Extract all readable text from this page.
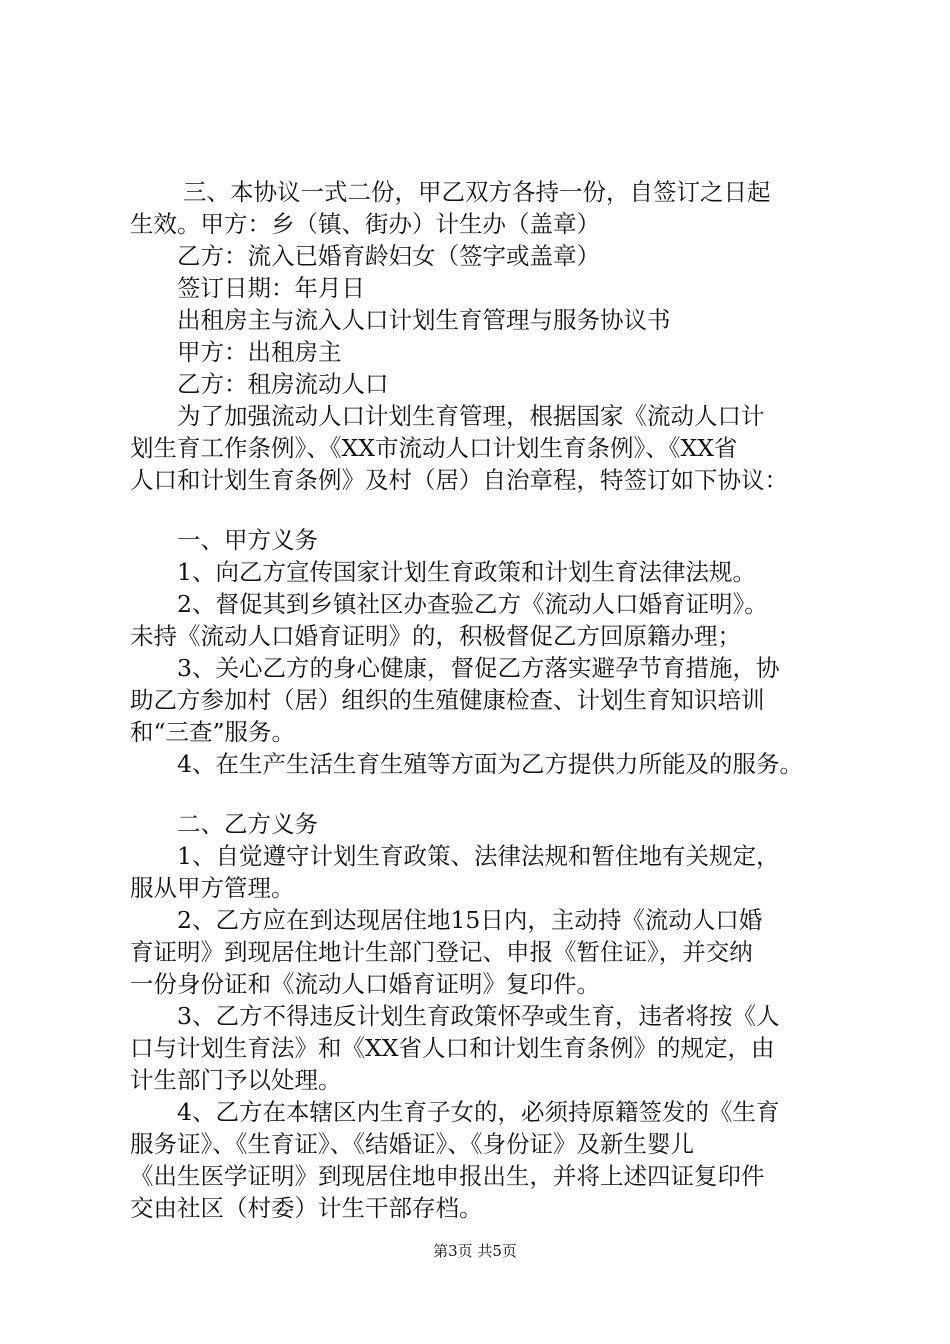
三、本协议一式二份，甲乙双方各持一份，自签订之日起
生效。甲方：乡（镇、街办）计生办（盖章）
乙方：流入已婚育龄妇女（签字或盖章）
签订日期：年月日
出租房主与流入人口计划生育管理与服务协议书
甲方：出租房主
乙方：租房流动人口
为了加强流动人口计划生育管理，根据国家《流动人口计
划生育工作条例》、《XX市流动人口计划生育条例》、《XX省
人口和计划生育条例》及村（居）自治章程，特签订如下协议：
一、甲方义务
1、向乙方宣传国家计划生育政策和计划生育法律法规。
2、督促其到乡镇社区办查验乙方《流动人口婚育证明》。
未持《流动人口婚育证明》的，积极督促乙方回原籍办理；
3、关心乙方的身心健康，督促乙方落实避孕节育措施，协
助乙方参加村（居）组织的生殖健康检查、计划生育知识培训
和“三查”服务。
4、在生产生活生育生殖等方面为乙方提供力所能及的服务。
二、乙方义务
1、自觉遵守计划生育政策、法律法规和暂住地有关规定，
服从甲方管理。
2、乙方应在到达现居住地15日内，主动持《流动人口婚
育证明》到现居住地计生部门登记、申报《暂住证》，并交纳
一份身份证和《流动人口婚育证明》复印件。
3、乙方不得违反计划生育政策怀孕或生育，违者将按《人
口与计划生育法》和《XX省人口和计划生育条例》的规定，由
计生部门予以处理。
4、乙方在本辖区内生育子女的，必须持原籍签发的《生育
服务证》、《生育证》、《结婚证》、《身份证》及新生婴儿
《出生医学证明》到现居住地申报出生，并将上述四证复印件
交由社区（村委）计生干部存档。
第3页 共5页
